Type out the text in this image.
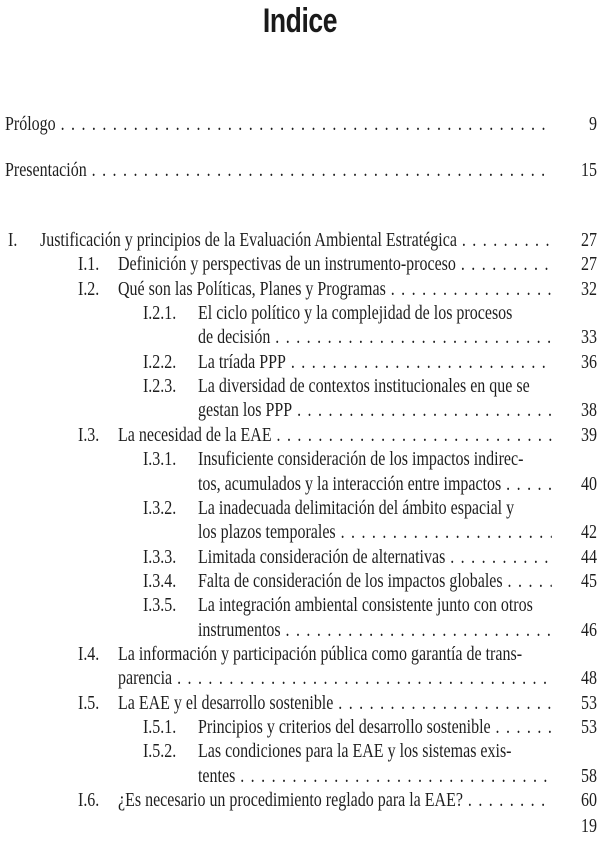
Indice
Prólogo . . .	9
Presentación . . .	15
I. Justificación y principios de la Evaluación Ambiental Estratégica . . .	27
I.1. Definición y perspectivas de un instrumento-proceso . . .	27
I.2. Qué son las Políticas, Planes y Programas . . .	32
I.2.1. El ciclo político y la complejidad de los procesos
de decisión . . .	33
I.2.2. La tríada PPP . . .	36
I.2.3. La diversidad de contextos institucionales en que se
gestan los PPP . . .	38
I.3. La necesidad de la EAE . . .	39
I.3.1. Insuficiente consideración de los impactos indirec-
tos, acumulados y la interacción entre impactos . . .	40
I.3.2. La inadecuada delimitación del ámbito espacial y
los plazos temporales . . .	42
I.3.3. Limitada consideración de alternativas . . .	44
I.3.4. Falta de consideración de los impactos globales . . .	45
I.3.5. La integración ambiental consistente junto con otros
instrumentos . . .	46
I.4. La información y participación pública como garantía de trans-
parencia . . .	48
I.5. La EAE y el desarrollo sostenible . . .	53
I.5.1. Principios y criterios del desarrollo sostenible . . .	53
I.5.2. Las condiciones para la EAE y los sistemas exis-
tentes . . .	58
I.6. ¿Es necesario un procedimiento reglado para la EAE? . . .	60
19
